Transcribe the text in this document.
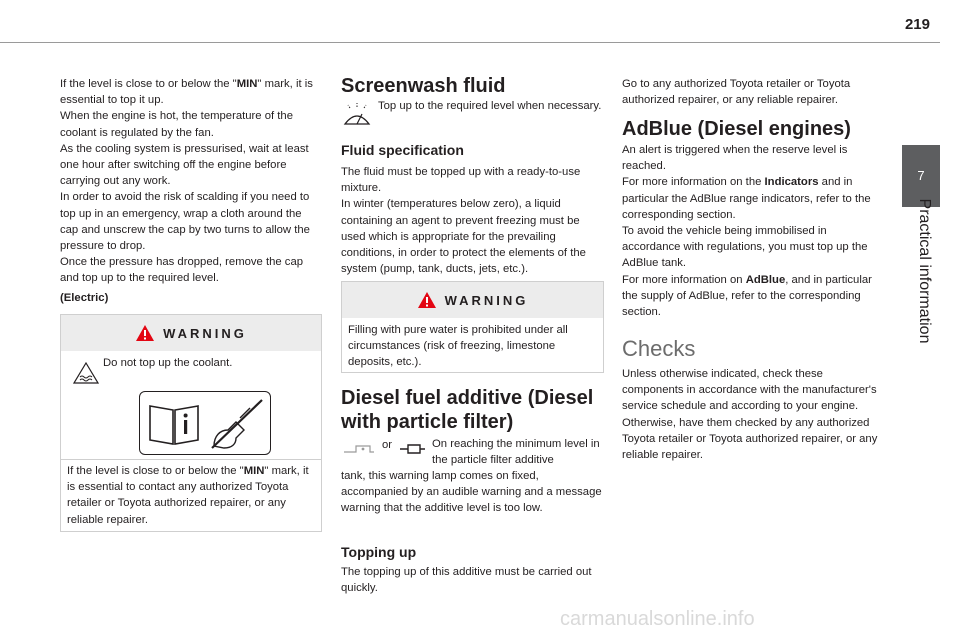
219
7
Practical information
If the level is close to or below the "MIN" mark, it is essential to top it up.
When the engine is hot, the temperature of the coolant is regulated by the fan.
As the cooling system is pressurised, wait at least one hour after switching off the engine before carrying out any work.
In order to avoid the risk of scalding if you need to top up in an emergency, wrap a cloth around the cap and unscrew the cap by two turns to allow the pressure to drop.
Once the pressure has dropped, remove the cap and top up to the required level.
(Electric)
WARNING
Do not top up the coolant.
If the level is close to or below the "MIN" mark, it is essential to contact any authorized Toyota retailer or Toyota authorized repairer, or any reliable repairer.
Screenwash fluid
Top up to the required level when necessary.
Fluid specification
The fluid must be topped up with a ready-to-use mixture.
In winter (temperatures below zero), a liquid containing an agent to prevent freezing must be used which is appropriate for the prevailing conditions, in order to protect the elements of the system (pump, tank, ducts, jets, etc.).
WARNING
Filling with pure water is prohibited under all circumstances (risk of freezing, limestone deposits, etc.).
Diesel fuel additive (Diesel with particle filter)
or	On reaching the minimum level in the particle filter additive
tank, this warning lamp comes on fixed, accompanied by an audible warning and a message warning that the additive level is too low.
Topping up
The topping up of this additive must be carried out quickly.
Go to any authorized Toyota retailer or Toyota authorized repairer, or any reliable repairer.
AdBlue (Diesel engines)
An alert is triggered when the reserve level is reached.
For more information on the Indicators and in particular the AdBlue range indicators, refer to the corresponding section.
To avoid the vehicle being immobilised in accordance with regulations, you must top up the AdBlue tank.
For more information on AdBlue, and in particular the supply of AdBlue, refer to the corresponding section.
Checks
Unless otherwise indicated, check these components in accordance with the manufacturer's service schedule and according to your engine.
Otherwise, have them checked by any authorized Toyota retailer or Toyota authorized repairer, or any reliable repairer.
carmanualsonline.info
